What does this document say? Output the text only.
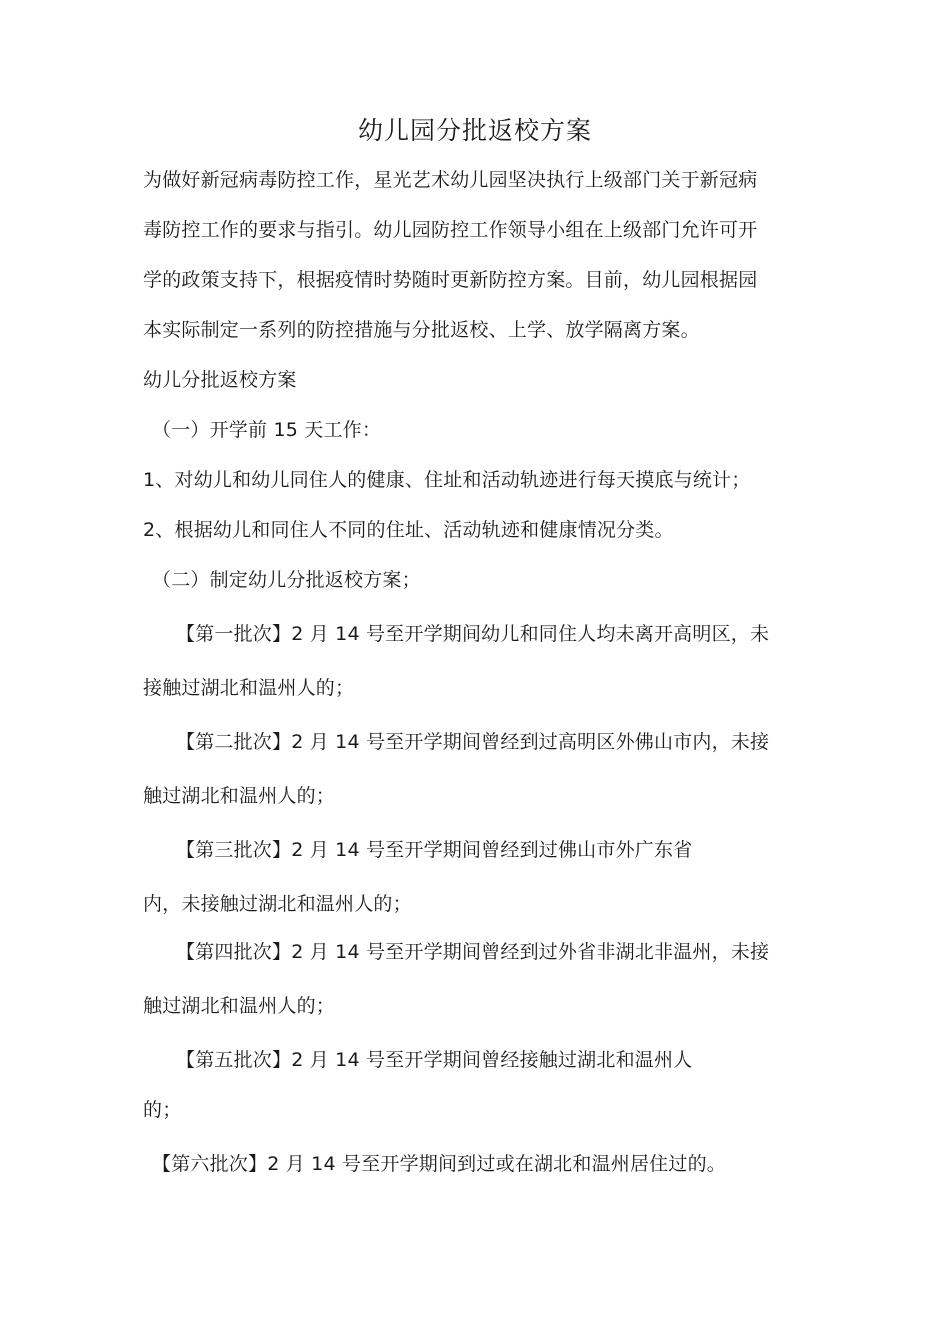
幼儿园分批返校方案
为做好新冠病毒防控工作，星光艺术幼儿园坚决执行上级部门关于新冠病
毒防控工作的要求与指引。幼儿园防控工作领导小组在上级部门允许可开
学的政策支持下，根据疫情时势随时更新防控方案。目前，幼儿园根据园
本实际制定一系列的防控措施与分批返校、上学、放学隔离方案。
幼儿分批返校方案
（一）开学前 15 天工作：
1、对幼儿和幼儿同住人的健康、住址和活动轨迹进行每天摸底与统计；
2、根据幼儿和同住人不同的住址、活动轨迹和健康情况分类。
（二）制定幼儿分批返校方案；
【第一批次】2 月 14 号至开学期间幼儿和同住人均未离开高明区，未
接触过湖北和温州人的；
【第二批次】2 月 14 号至开学期间曾经到过高明区外佛山市内，未接
触过湖北和温州人的；
【第三批次】2 月 14 号至开学期间曾经到过佛山市外广东省
内，未接触过湖北和温州人的；
【第四批次】2 月 14 号至开学期间曾经到过外省非湖北非温州，未接
触过湖北和温州人的；
【第五批次】2 月 14 号至开学期间曾经接触过湖北和温州人
的；
【第六批次】2 月 14 号至开学期间到过或在湖北和温州居住过的。
